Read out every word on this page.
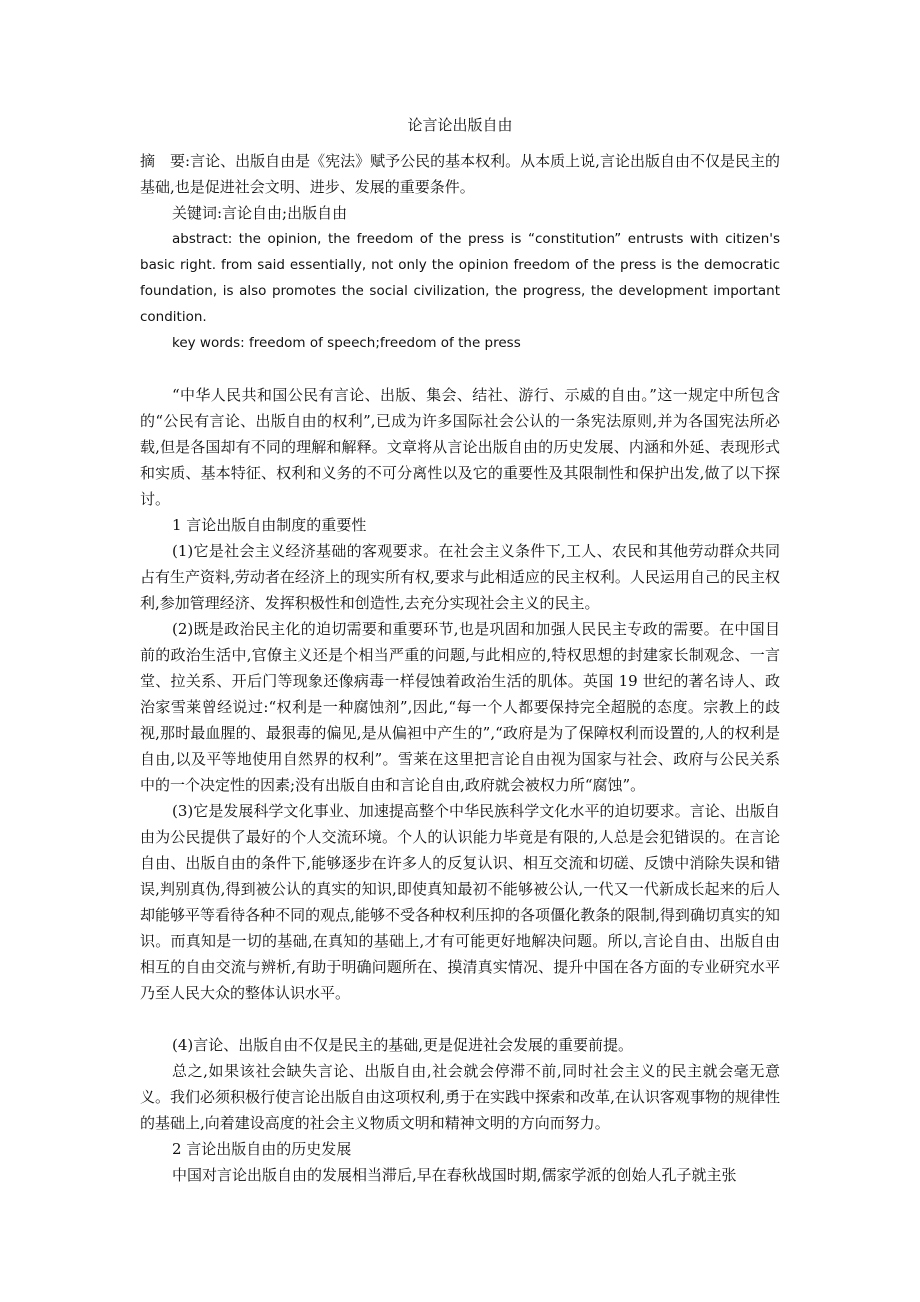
论言论出版自由

摘　要:言论、出版自由是《宪法》赋予公民的基本权利。从本质上说,言论出版自由不仅是民主的基础,也是促进社会文明、进步、发展的重要条件。

关键词:言论自由;出版自由

abstract: the opinion, the freedom of the press is “constitution” entrusts with citizen's basic right. from said essentially, not only the opinion freedom of the press is the democratic foundation, is also promotes the social civilization, the progress, the development important condition.

key words: freedom of speech;freedom of the press

“中华人民共和国公民有言论、出版、集会、结社、游行、示威的自由。”这一规定中所包含的“公民有言论、出版自由的权利”,已成为许多国际社会公认的一条宪法原则,并为各国宪法所必载,但是各国却有不同的理解和解释。文章将从言论出版自由的历史发展、内涵和外延、表现形式和实质、基本特征、权利和义务的不可分离性以及它的重要性及其限制性和保护出发,做了以下探讨。

1 言论出版自由制度的重要性

(1)它是社会主义经济基础的客观要求。在社会主义条件下,工人、农民和其他劳动群众共同占有生产资料,劳动者在经济上的现实所有权,要求与此相适应的民主权利。人民运用自己的民主权利,参加管理经济、发挥积极性和创造性,去充分实现社会主义的民主。

(2)既是政治民主化的迫切需要和重要环节,也是巩固和加强人民民主专政的需要。在中国目前的政治生活中,官僚主义还是个相当严重的问题,与此相应的,特权思想的封建家长制观念、一言堂、拉关系、开后门等现象还像病毒一样侵蚀着政治生活的肌体。英国 19 世纪的著名诗人、政治家雪莱曾经说过:“权利是一种腐蚀剂”,因此,“每一个人都要保持完全超脱的态度。宗教上的歧视,那时最血腥的、最狠毒的偏见,是从偏袒中产生的”,“政府是为了保障权利而设置的,人的权利是自由,以及平等地使用自然界的权利”。雪莱在这里把言论自由视为国家与社会、政府与公民关系中的一个决定性的因素;没有出版自由和言论自由,政府就会被权力所“腐蚀”。

(3)它是发展科学文化事业、加速提高整个中华民族科学文化水平的迫切要求。言论、出版自由为公民提供了最好的个人交流环境。个人的认识能力毕竟是有限的,人总是会犯错误的。在言论自由、出版自由的条件下,能够逐步在许多人的反复认识、相互交流和切磋、反馈中消除失误和错误,判别真伪,得到被公认的真实的知识,即使真知最初不能够被公认,一代又一代新成长起来的后人却能够平等看待各种不同的观点,能够不受各种权利压抑的各项僵化教条的限制,得到确切真实的知识。而真知是一切的基础,在真知的基础上,才有可能更好地解决问题。所以,言论自由、出版自由相互的自由交流与辨析,有助于明确问题所在、摸清真实情况、提升中国在各方面的专业研究水平乃至人民大众的整体认识水平。

(4)言论、出版自由不仅是民主的基础,更是促进社会发展的重要前提。

总之,如果该社会缺失言论、出版自由,社会就会停滞不前,同时社会主义的民主就会毫无意义。我们必须积极行使言论出版自由这项权利,勇于在实践中探索和改革,在认识客观事物的规律性的基础上,向着建设高度的社会主义物质文明和精神文明的方向而努力。

2 言论出版自由的历史发展

中国对言论出版自由的发展相当滞后,早在春秋战国时期,儒家学派的创始人孔子就主张
